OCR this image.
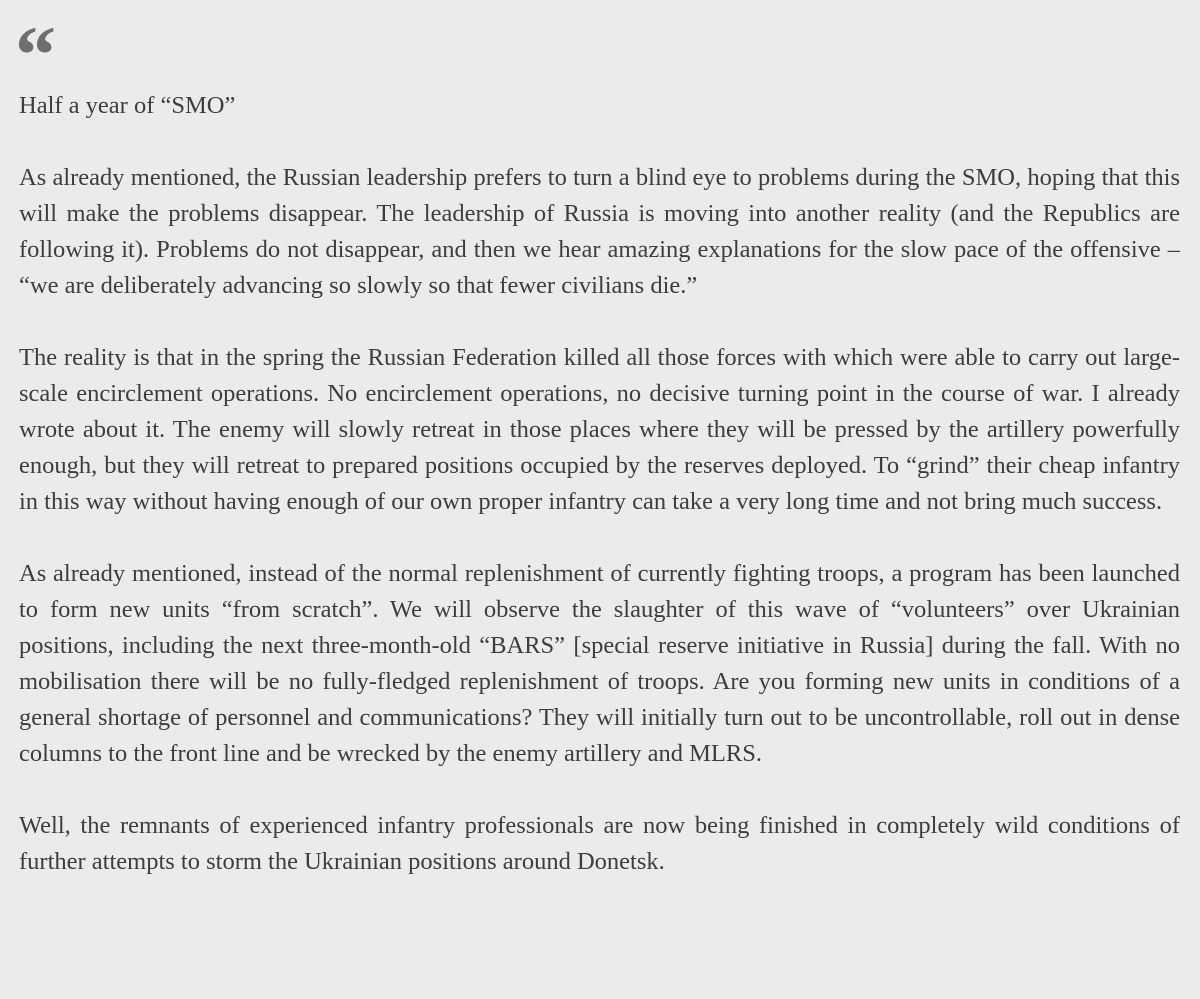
“

Half a year of “SMO”

As already mentioned, the Russian leadership prefers to turn a blind eye to problems during the SMO, hoping that this will make the problems disappear. The leadership of Russia is moving into another reality (and the Republics are following it). Problems do not disappear, and then we hear amazing explanations for the slow pace of the offensive – “we are deliberately advancing so slowly so that fewer civilians die.”

The reality is that in the spring the Russian Federation killed all those forces with which were able to carry out large-scale encirclement operations. No encirclement operations, no decisive turning point in the course of war. I already wrote about it. The enemy will slowly retreat in those places where they will be pressed by the artillery powerfully enough, but they will retreat to prepared positions occupied by the reserves deployed. To “grind” their cheap infantry in this way without having enough of our own proper infantry can take a very long time and not bring much success.

As already mentioned, instead of the normal replenishment of currently fighting troops, a program has been launched to form new units “from scratch”. We will observe the slaughter of this wave of “volunteers” over Ukrainian positions, including the next three-month-old “BARS” [special reserve initiative in Russia] during the fall. With no mobilisation there will be no fully-fledged replenishment of troops. Are you forming new units in conditions of a general shortage of personnel and communications? They will initially turn out to be uncontrollable, roll out in dense columns to the front line and be wrecked by the enemy artillery and MLRS.

Well, the remnants of experienced infantry professionals are now being finished in completely wild conditions of further attempts to storm the Ukrainian positions around Donetsk.
